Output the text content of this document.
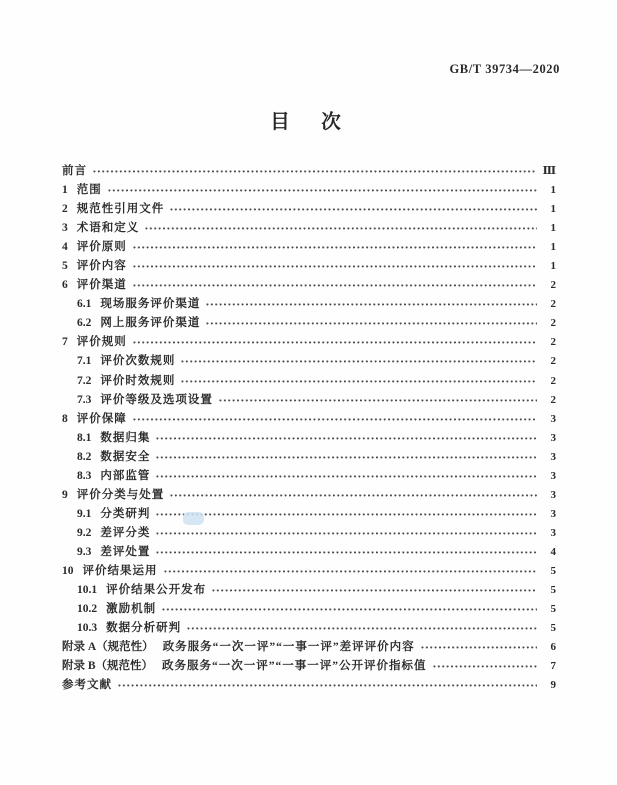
GB/T 39734—2020
目　次
前言	Ⅲ
1 范围	1
2 规范性引用文件	1
3 术语和定义	1
4 评价原则	1
5 评价内容	1
6 评价渠道	2
6.1 现场服务评价渠道	2
6.2 网上服务评价渠道	2
7 评价规则	2
7.1 评价次数规则	2
7.2 评价时效规则	2
7.3 评价等级及选项设置	2
8 评价保障	3
8.1 数据归集	3
8.2 数据安全	3
8.3 内部监管	3
9 评价分类与处置	3
9.1 分类研判	3
9.2 差评分类	3
9.3 差评处置	4
10 评价结果运用	5
10.1 评价结果公开发布	5
10.2 激励机制	5
10.3 数据分析研判	5
附录 A（规范性） 政务服务“一次一评”“一事一评”差评评价内容	6
附录 B（规范性） 政务服务“一次一评”“一事一评”公开评价指标值	7
参考文献	9
